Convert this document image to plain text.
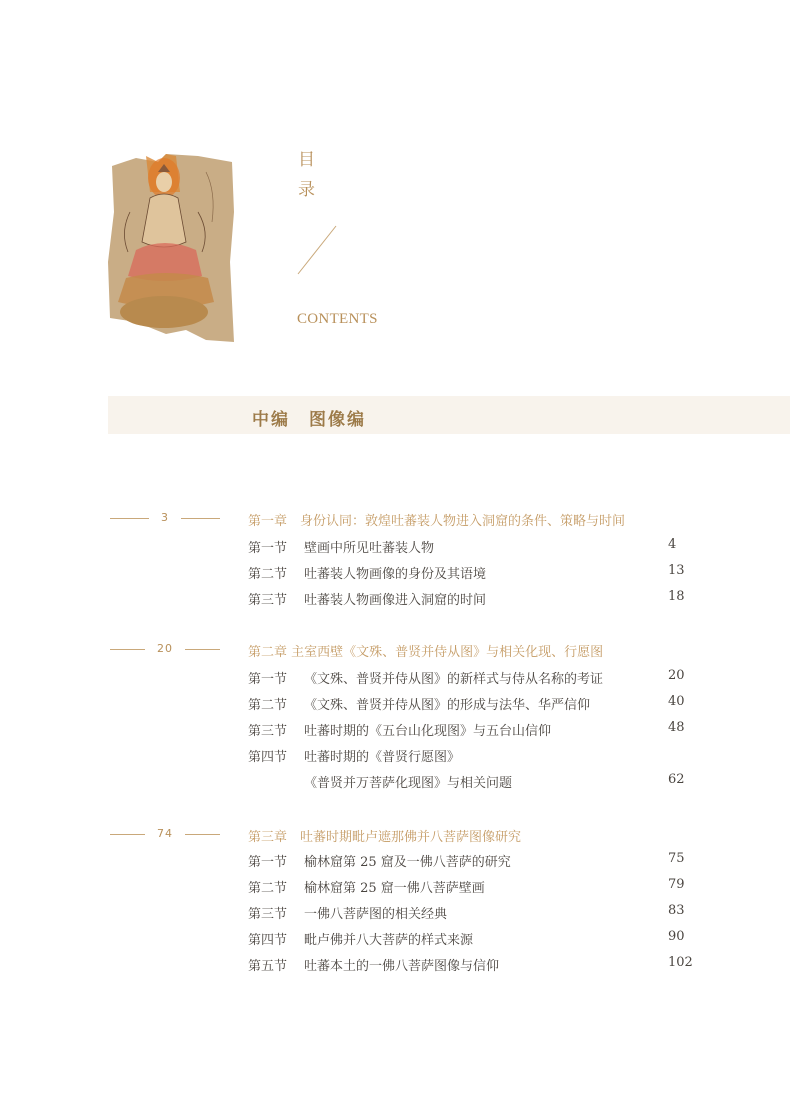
目
录
CONTENTS
中编　图像编
3	第一章　身份认同：敦煌吐蕃装人物进入洞窟的条件、策略与时间
第一节 壁画中所见吐蕃装人物	4
第二节 吐蕃装人物画像的身份及其语境	13
第三节 吐蕃装人物画像进入洞窟的时间	18
20	第二章 主室西壁《文殊、普贤并侍从图》与相关化现、行愿图
第一节 《文殊、普贤并侍从图》的新样式与侍从名称的考证	20
第二节 《文殊、普贤并侍从图》的形成与法华、华严信仰	40
第三节 吐蕃时期的《五台山化现图》与五台山信仰	48
第四节 吐蕃时期的《普贤行愿图》
《普贤并万菩萨化现图》与相关问题	62
74	第三章　吐蕃时期毗卢遮那佛并八菩萨图像研究
第一节 榆林窟第 25 窟及一佛八菩萨的研究	75
第二节 榆林窟第 25 窟一佛八菩萨壁画	79
第三节 一佛八菩萨图的相关经典	83
第四节 毗卢佛并八大菩萨的样式来源	90
第五节 吐蕃本土的一佛八菩萨图像与信仰	102
